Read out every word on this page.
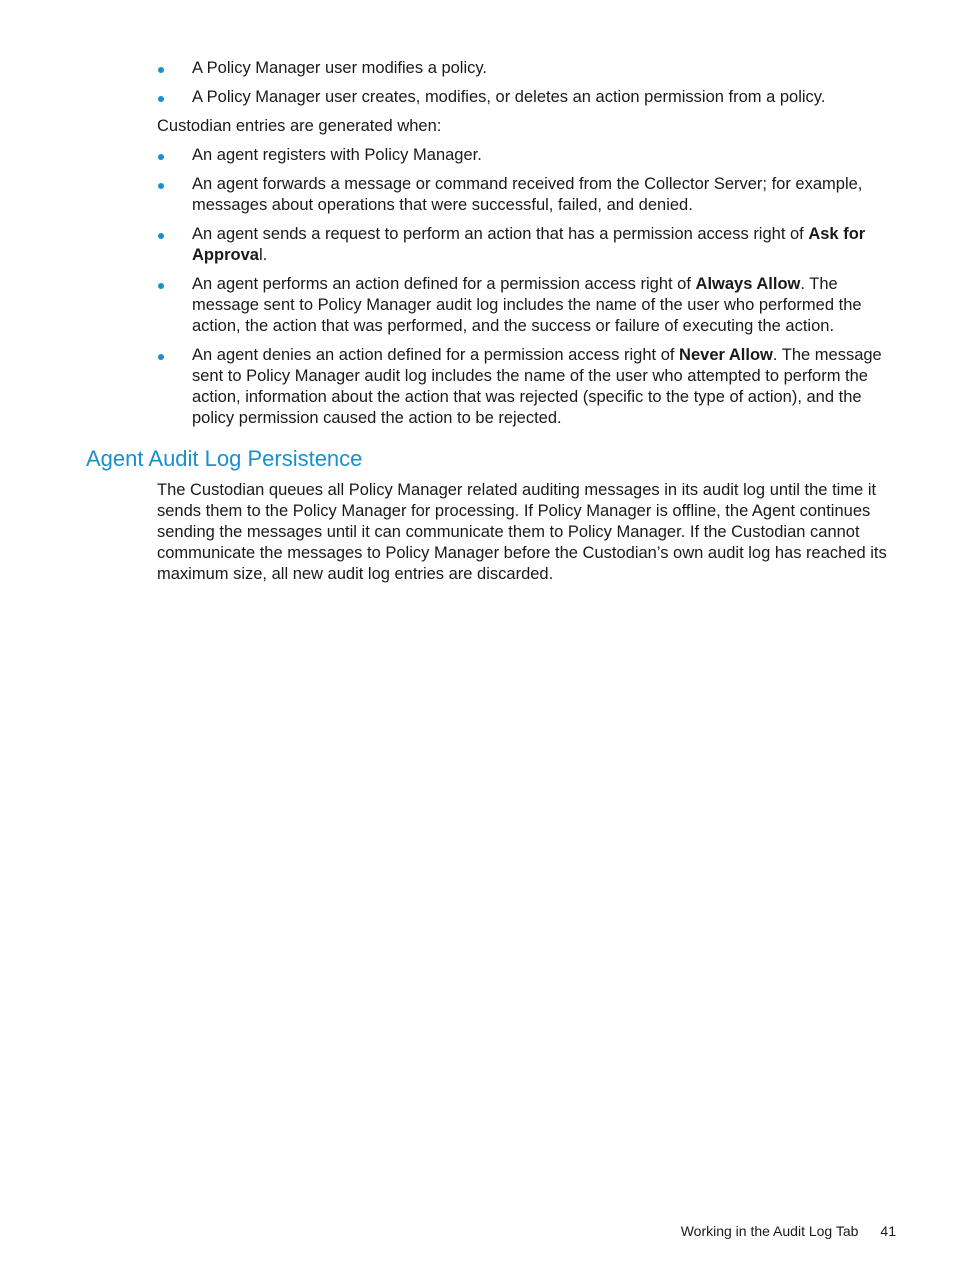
A Policy Manager user modifies a policy.
A Policy Manager user creates, modifies, or deletes an action permission from a policy.

Custodian entries are generated when:

An agent registers with Policy Manager.
An agent forwards a message or command received from the Collector Server; for example, messages about operations that were successful, failed, and denied.
An agent sends a request to perform an action that has a permission access right of Ask for Approval.
An agent performs an action defined for a permission access right of Always Allow. The message sent to Policy Manager audit log includes the name of the user who performed the action, the action that was performed, and the success or failure of executing the action.
An agent denies an action defined for a permission access right of Never Allow. The message sent to Policy Manager audit log includes the name of the user who attempted to perform the action, information about the action that was rejected (specific to the type of action), and the policy permission caused the action to be rejected.
Agent Audit Log Persistence

The Custodian queues all Policy Manager related auditing messages in its audit log until the time it sends them to the Policy Manager for processing. If Policy Manager is offline, the Agent continues sending the messages until it can communicate them to Policy Manager. If the Custodian cannot communicate the messages to Policy Manager before the Custodian’s own audit log has reached its maximum size, all new audit log entries are discarded.

Working in the Audit Log Tab 41
